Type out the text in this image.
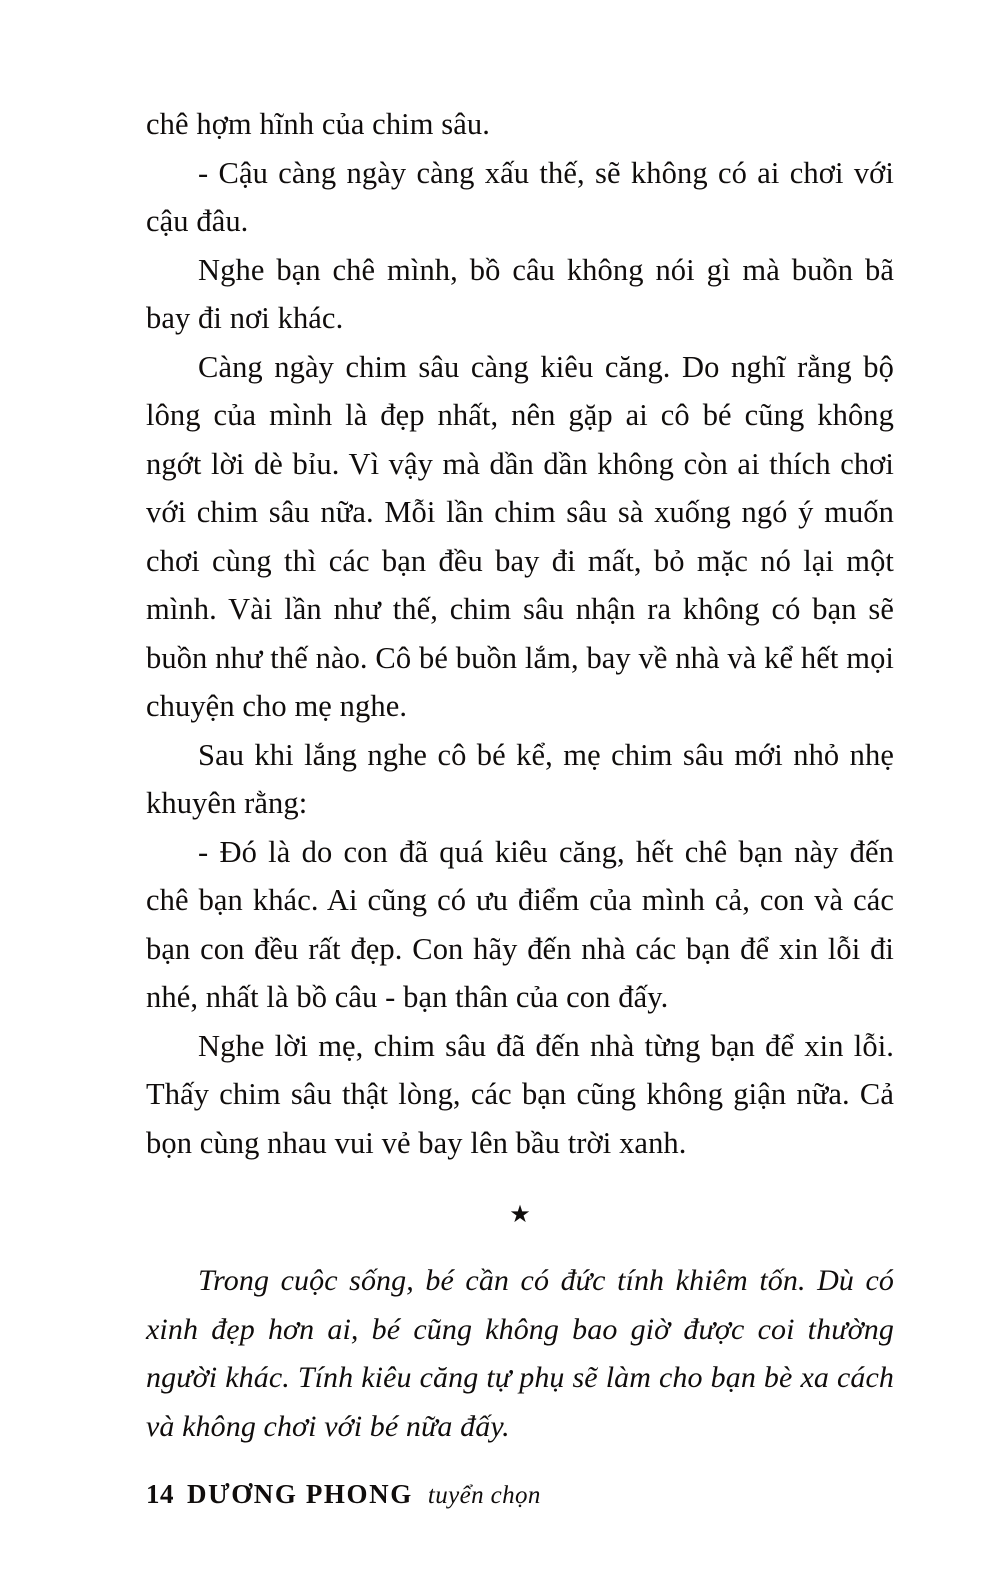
chê hợm hĩnh của chim sâu.

- Cậu càng ngày càng xấu thế, sẽ không có ai chơi với cậu đâu.

Nghe bạn chê mình, bồ câu không nói gì mà buồn bã bay đi nơi khác.

Càng ngày chim sâu càng kiêu căng. Do nghĩ rằng bộ lông của mình là đẹp nhất, nên gặp ai cô bé cũng không ngớt lời dè bỉu. Vì vậy mà dần dần không còn ai thích chơi với chim sâu nữa. Mỗi lần chim sâu sà xuống ngó ý muốn chơi cùng thì các bạn đều bay đi mất, bỏ mặc nó lại một mình. Vài lần như thế, chim sâu nhận ra không có bạn sẽ buồn như thế nào. Cô bé buồn lắm, bay về nhà và kể hết mọi chuyện cho mẹ nghe.

Sau khi lắng nghe cô bé kể, mẹ chim sâu mới nhỏ nhẹ khuyên rằng:

- Đó là do con đã quá kiêu căng, hết chê bạn này đến chê bạn khác. Ai cũng có ưu điểm của mình cả, con và các bạn con đều rất đẹp. Con hãy đến nhà các bạn để xin lỗi đi nhé, nhất là bồ câu - bạn thân của con đấy.

Nghe lời mẹ, chim sâu đã đến nhà từng bạn để xin lỗi. Thấy chim sâu thật lòng, các bạn cũng không giận nữa. Cả bọn cùng nhau vui vẻ bay lên bầu trời xanh.

★

Trong cuộc sống, bé cần có đức tính khiêm tốn. Dù có xinh đẹp hơn ai, bé cũng không bao giờ được coi thường người khác. Tính kiêu căng tự phụ sẽ làm cho bạn bè xa cách và không chơi với bé nữa đấy.

14 DƯƠNG PHONG tuyển chọn
